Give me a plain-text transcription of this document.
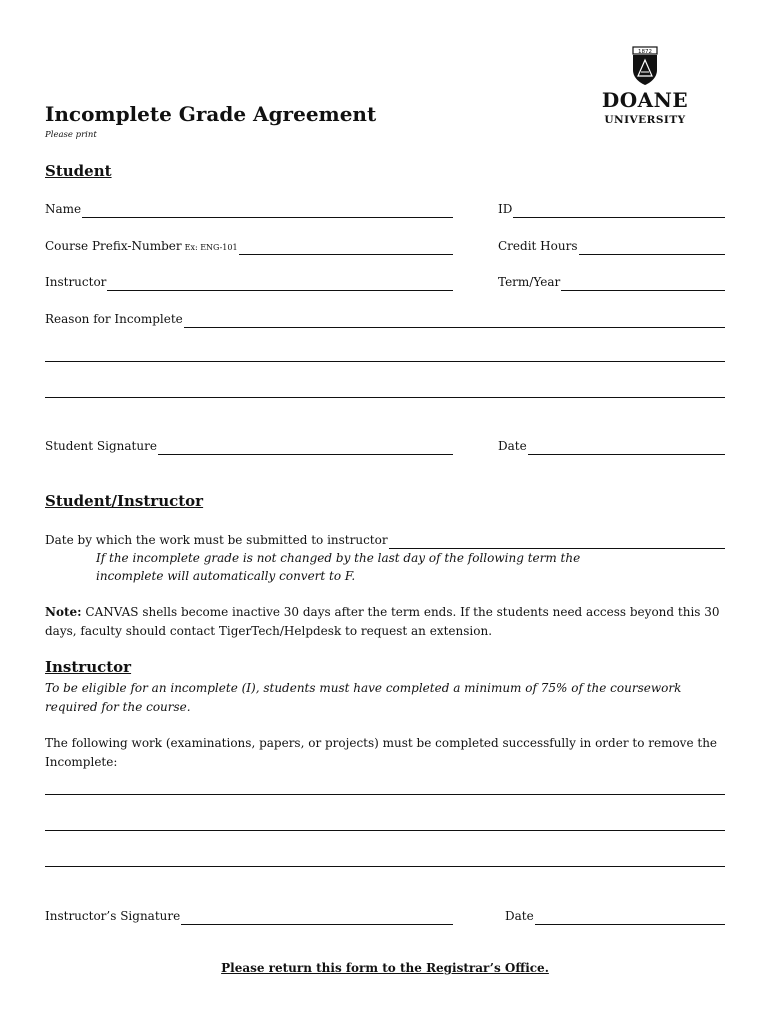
Incomplete Grade Agreement
Please print
1872
DOANE
UNIVERSITY
Student
Name	ID
Course Prefix-Number Ex: ENG-101	Credit Hours
Instructor	Term/Year
Reason for Incomplete
Student Signature	Date
Student/Instructor
Date by which the work must be submitted to instructor
If the incomplete grade is not changed by the last day of the following term the
incomplete will automatically convert to F.
Note: CANVAS shells become inactive 30 days after the term ends. If the students need access beyond this 30 days, faculty should contact TigerTech/Helpdesk to request an extension.
Instructor
To be eligible for an incomplete (I), students must have completed a minimum of 75% of the coursework required for the course.
The following work (examinations, papers, or projects) must be completed successfully in order to remove the Incomplete:
Instructor’s Signature	Date
Please return this form to the Registrar’s Office.
